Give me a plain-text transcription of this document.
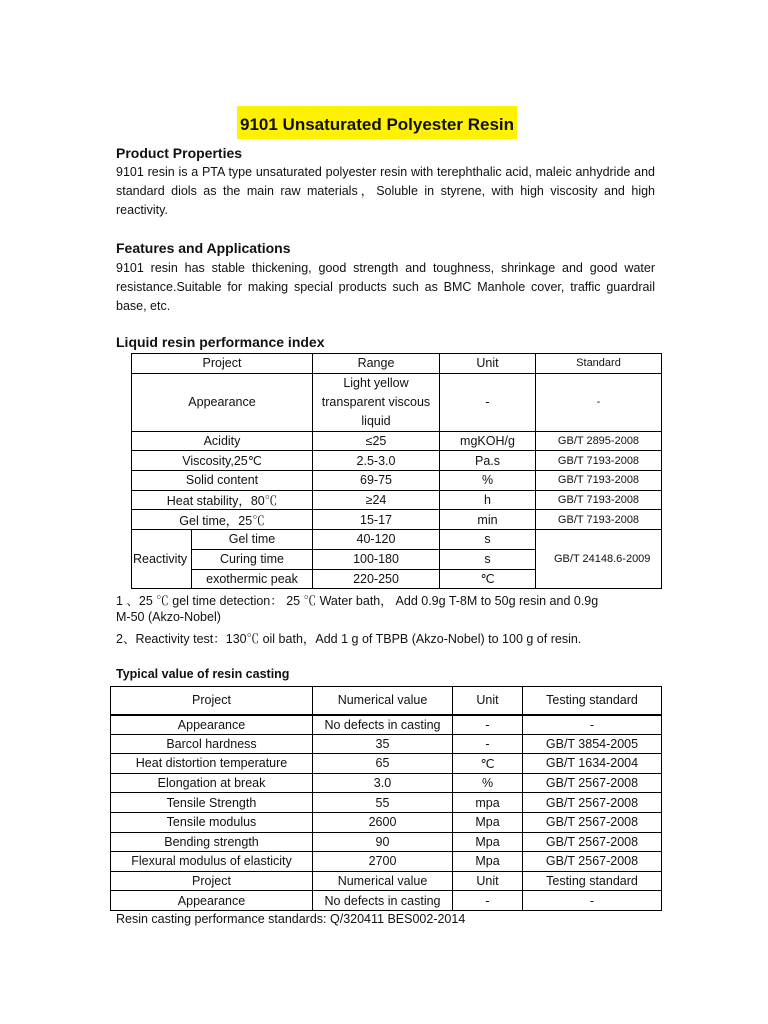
9101 Unsaturated Polyester Resin
Product Properties

9101 resin is a PTA type unsaturated polyester resin with terephthalic acid, maleic anhydride and standard diols as the main raw materials，Soluble in styrene, with high viscosity and high reactivity.

Features and Applications

9101 resin has stable thickening, good strength and toughness, shrinkage and good water resistance.Suitable for making special products such as BMC Manhole cover, traffic guardrail base, etc.

Liquid resin performance index
Project		Range	Unit	Standard
Appearance		Light yellow transparent viscous liquid	-	-
Acidity		≤25	mgKOH/g	GB/T 2895-2008
Viscosity,25℃		2.5-3.0	Pa.s	GB/T 7193-2008
Solid content		69-75	%	GB/T 7193-2008
Heat stability，80℃		≥24	h	GB/T 7193-2008
Gel time，25℃		15-17	min	GB/T 7193-2008
Reactivity	Gel time	40-120	s	GB/T 24148.6-2009
	Curing time	100-180	s	
	exothermic peak	220-250	℃	
1 、25 ℃ gel time detection： 25 ℃ Water bath， Add 0.9g T-8M to 50g resin and 0.9g
M-50 (Akzo-Nobel)
2、Reactivity test：130℃ oil bath，Add 1 g of TBPB (Akzo-Nobel) to 100 g of resin.
Typical value of resin casting
Project	Numerical value	Unit	Testing standard
Appearance	No defects in casting	-	-
Barcol hardness	35	-	GB/T 3854-2005
Heat distortion temperature	65	℃	GB/T 1634-2004
Elongation at break	3.0	%	GB/T 2567-2008
Tensile Strength	55	mpa	GB/T 2567-2008
Tensile modulus	2600	Mpa	GB/T 2567-2008
Bending strength	90	Mpa	GB/T 2567-2008
Flexural modulus of elasticity	2700	Mpa	GB/T 2567-2008
Project	Numerical value	Unit	Testing standard
Appearance	No defects in casting	-	-
Resin casting performance standards: Q/320411 BES002-2014
